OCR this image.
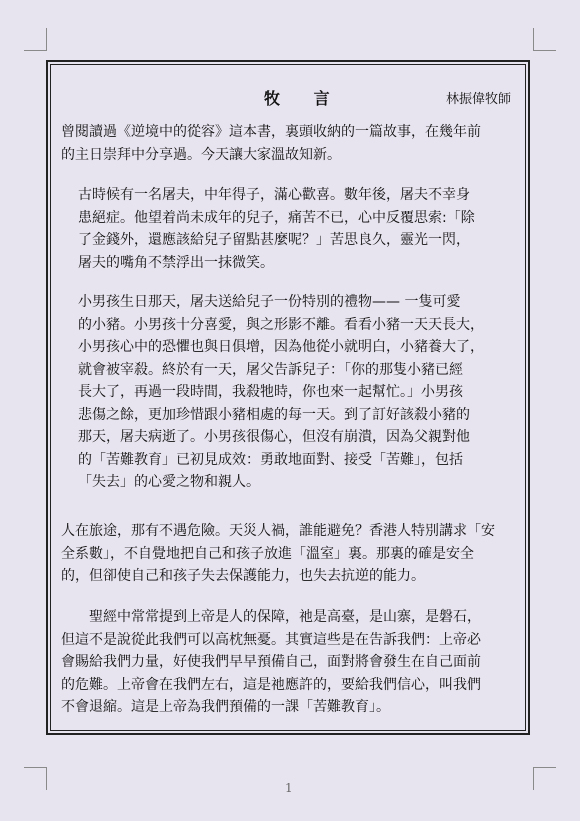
牧 言	林振偉牧師
曾閱讀過《逆境中的從容》這本書，裏頭收納的一篇故事，在幾年前
的主日崇拜中分享過。今天讓大家溫故知新。
古時候有一名屠夫，中年得子，滿心歡喜。數年後，屠夫不幸身
患絕症。他望着尚未成年的兒子，痛苦不已，心中反覆思索:「除
了金錢外，還應該給兒子留點甚麼呢？」苦思良久，靈光一閃，
屠夫的嘴角不禁浮出一抹微笑。
小男孩生日那天，屠夫送給兒子一份特別的禮物—— 一隻可愛
的小豬。小男孩十分喜愛，與之形影不離。看看小豬一天天長大，
小男孩心中的恐懼也與日俱增，因為他從小就明白，小豬養大了，
就會被宰殺。終於有一天，屠父告訴兒子：「你的那隻小豬已經
長大了，再過一段時間，我殺牠時，你也來一起幫忙。」小男孩
悲傷之餘，更加珍惜跟小豬相處的每一天。到了訂好該殺小豬的
那天，屠夫病逝了。小男孩很傷心，但沒有崩潰，因為父親對他
的「苦難教育」已初見成效：勇敢地面對、接受「苦難」，包括
「失去」的心愛之物和親人。
人在旅途，那有不遇危險。天災人禍，誰能避免？香港人特別講求「安
全系數」，不自覺地把自己和孩子放進「溫室」裏。那裏的確是安全
的，但卻使自己和孩子失去保護能力，也失去抗逆的能力。
聖經中常常提到上帝是人的保障，祂是高臺，是山寨，是磐石，
但這不是說從此我們可以高枕無憂。其實這些是在告訴我們：上帝必
會賜給我們力量，好使我們早早預備自己，面對將會發生在自己面前
的危難。上帝會在我們左右，這是祂應許的，要給我們信心，叫我們
不會退縮。這是上帝為我們預備的一課「苦難教育」。
1
